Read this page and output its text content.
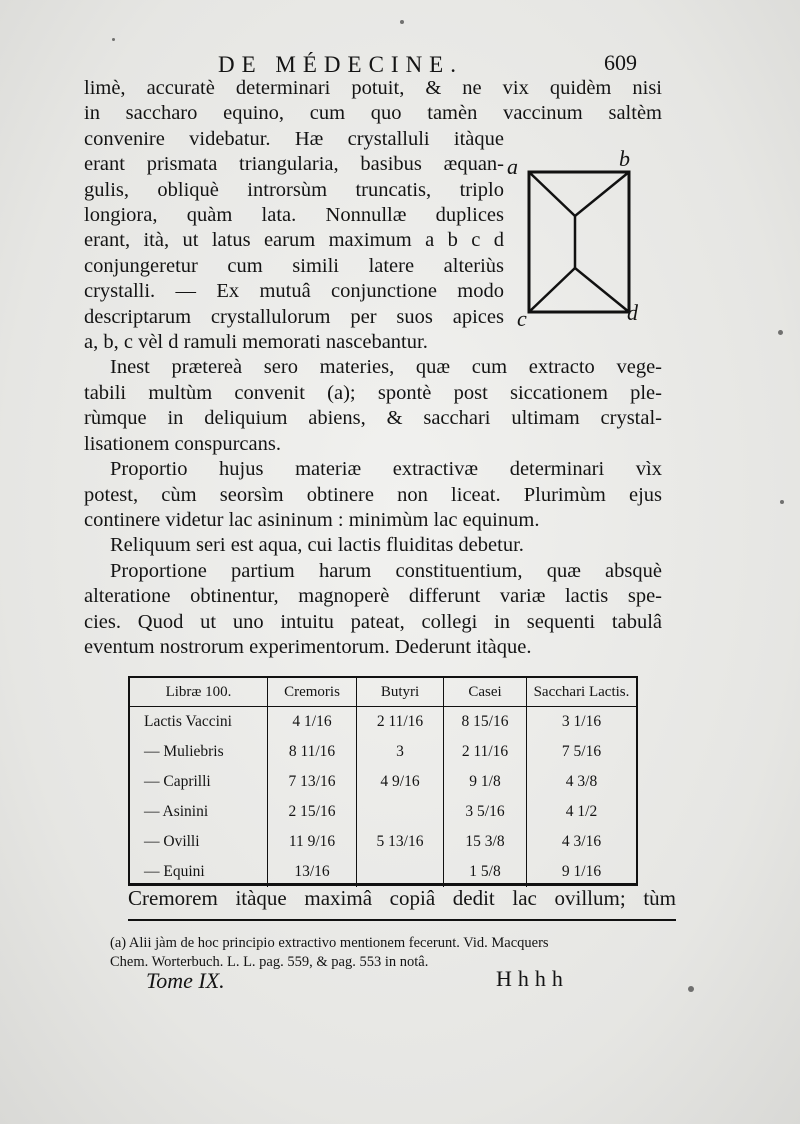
DE MÉDECINE.	609
limè, accuratè determinari potuit, & ne vix quidèm nisi
in saccharo equino, cum quo tamèn vaccinum saltèm
convenire videbatur. Hæ crystalluli itàque
erant prismata triangularia, basibus æquan-
gulis, obliquè introrsùm truncatis, triplo
longiora, quàm lata. Nonnullæ duplices
erant, ità, ut latus earum maximum a b c d
conjungeretur cum simili latere alteriùs
crystalli. — Ex mutuâ conjunctione modo
descriptarum crystallulorum per suos apices
a, b, c vèl d ramuli memorati nascebantur.
Inest prætereà sero materies, quæ cum extracto vege-
tabili multùm convenit (a); spontè post siccationem ple-
rùmque in deliquium abiens, & sacchari ultimam crystal-
lisationem conspurcans.
Proportio hujus materiæ extractivæ determinari vìx
potest, cùm seorsìm obtinere non liceat. Plurimùm ejus
continere videtur lac asininum : minimùm lac equinum.
Reliquum seri est aqua, cui lactis fluiditas debetur.
Proportione partium harum constituentium, quæ absquè
alteratione obtinentur, magnoperè differunt variæ lactis spe-
cies. Quod ut uno intuitu pateat, collegi in sequenti tabulâ
eventum nostrorum experimentorum. Dederunt itàque.
a	b
c	d
Libræ 100.	Cremoris	Butyri	Casei	Sacchari Lactis.
Lactis Vaccini	4 1/16	2 11/16	8 15/16	3 1/16
— Muliebris	8 11/16	3	2 11/16	7 5/16
— Caprilli	7 13/16	4 9/16	9 1/8	4 3/8
— Asinini	2 15/16		3 5/16	4 1/2
— Ovilli	11 9/16	5 13/16	15 3/8	4 3/16
— Equini	13/16		1 5/8	9 1/16
Cremorem itàque maximâ copiâ dedit lac ovillum; tùm
(a) Alii jàm de hoc principio extractivo mentionem fecerunt. Vid. Macquers
Chem. Worterbuch. L. L. pag. 559, & pag. 553 in notâ.
Tome IX.	Hhhh
